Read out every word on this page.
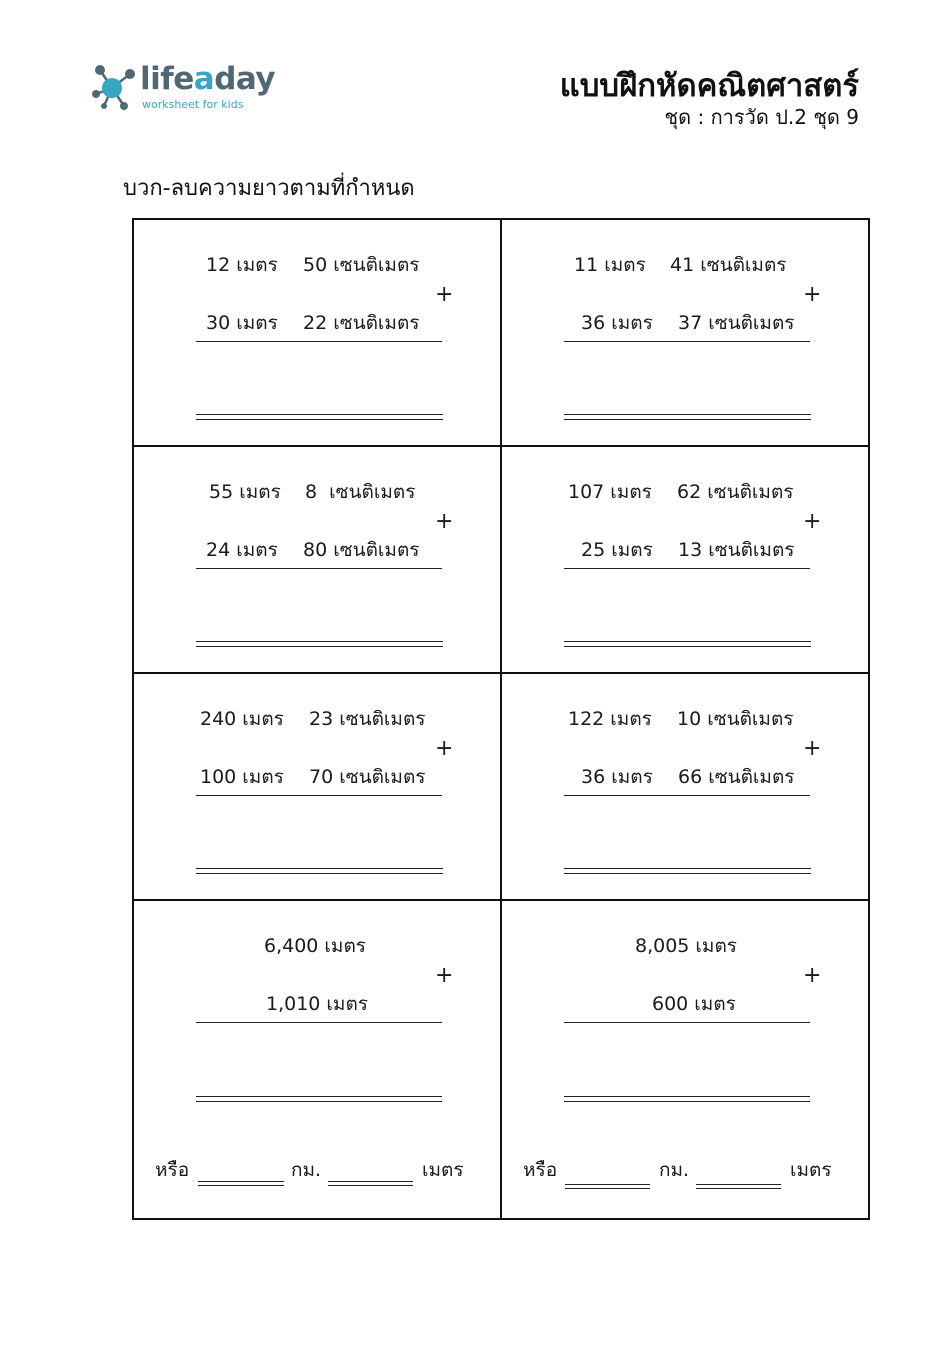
lifeaday
worksheet for kids
แบบฝึกหัดคณิตศาสตร์
ชุด : การวัด ป.2 ชุด 9
บวก-ลบความยาวตามที่กำหนด
12 เมตร 50 เซนติเมตร
+
30 เมตร 22 เซนติเมตร
11 เมตร 41 เซนติเมตร
+
36 เมตร 37 เซนติเมตร
55 เมตร 8  เซนติเมตร
+
24 เมตร 80 เซนติเมตร
107 เมตร 62 เซนติเมตร
+
25 เมตร 13 เซนติเมตร
240 เมตร 23 เซนติเมตร
+
100 เมตร 70 เซนติเมตร
122 เมตร 10 เซนติเมตร
+
36 เมตร 66 เซนติเมตร
6,400 เมตร
+
1,010 เมตร
หรือ	กม.	เมตร
8,005 เมตร
+
600 เมตร
หรือ	กม.	เมตร
